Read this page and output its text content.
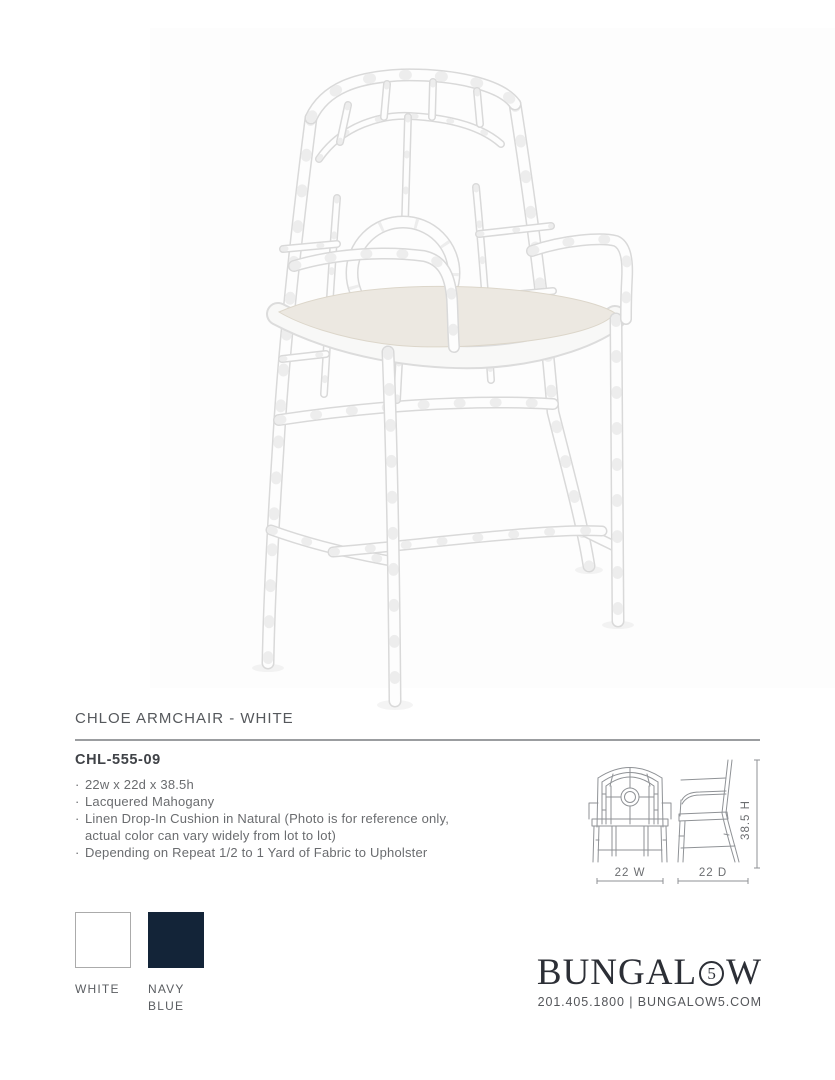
CHLOE ARMCHAIR - WHITE
CHL-555-09
· 22w x 22d x 38.5h
· Lacquered Mahogany
· Linen Drop-In Cushion in Natural (Photo is for reference only, actual color can vary widely from lot to lot)
· Depending on Repeat 1/2 to 1 Yard of Fabric to Upholster
22 W	22 D
38.5 H
WHITE	NAVY BLUE
BUNGAL 5 W
201.405.1800 | BUNGALOW5.COM
